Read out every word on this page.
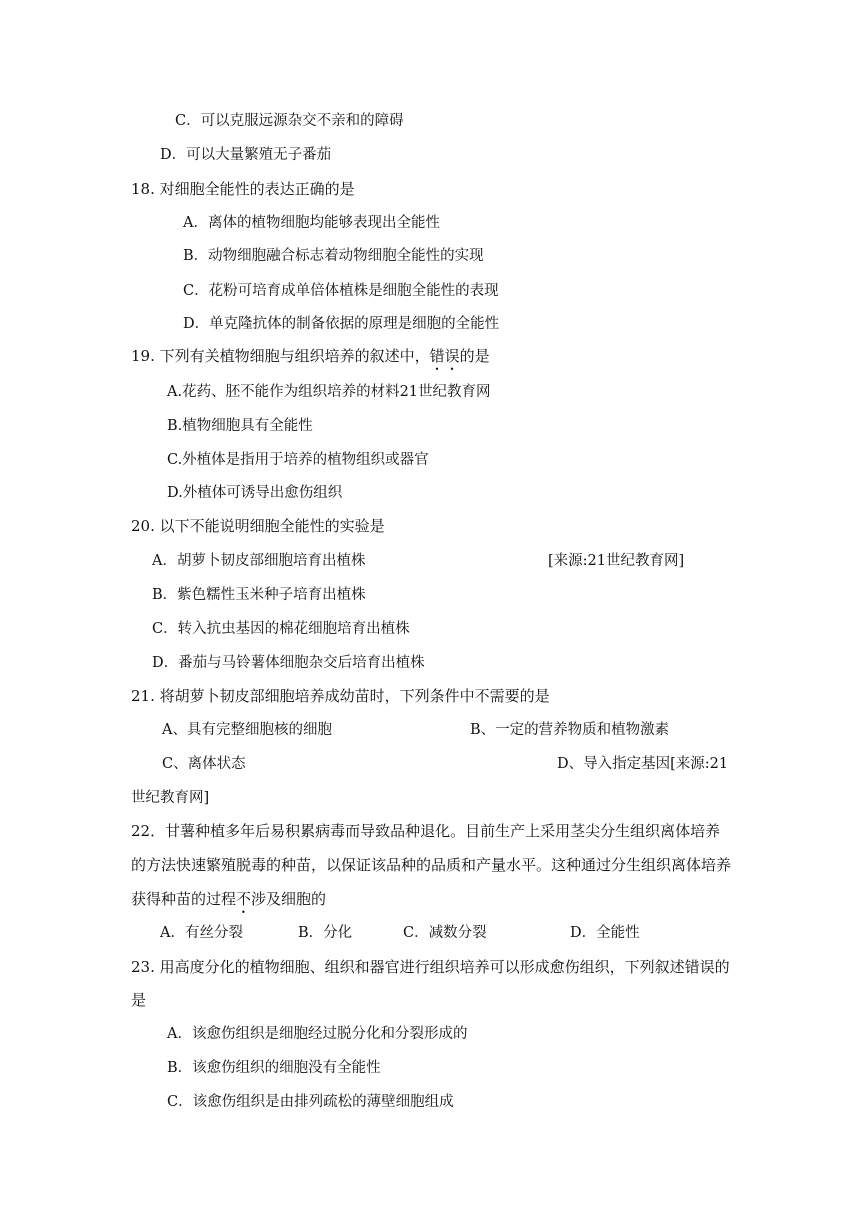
C．可以克服远源杂交不亲和的障碍
D．可以大量繁殖无子番茄
18. 对细胞全能性的表达正确的是
A．离体的植物细胞均能够表现出全能性
B．动物细胞融合标志着动物细胞全能性的实现
C．花粉可培育成单倍体植株是细胞全能性的表现
D．单克隆抗体的制备依据的原理是细胞的全能性
19. 下列有关植物细胞与组织培养的叙述中，错误的是
A.花药、胚不能作为组织培养的材料21世纪教育网
B.植物细胞具有全能性
C.外植体是指用于培养的植物组织或器官
D.外植体可诱导出愈伤组织
20. 以下不能说明细胞全能性的实验是
A．胡萝卜韧皮部细胞培育出植株	[来源:21世纪教育网]
B．紫色糯性玉米种子培育出植株
C．转入抗虫基因的棉花细胞培育出植株
D．番茄与马铃薯体细胞杂交后培育出植株
21. 将胡萝卜韧皮部细胞培养成幼苗时，下列条件中不需要的是
A、具有完整细胞核的细胞	B、一定的营养物质和植物激素
C、离体状态	D、导入指定基因[来源:21
世纪教育网]
22．甘薯种植多年后易积累病毒而导致品种退化。目前生产上采用茎尖分生组织离体培养
的方法快速繁殖脱毒的种苗，以保证该品种的品质和产量水平。这种通过分生组织离体培养
获得种苗的过程不涉及细胞的
A．有丝分裂	B．分化	C．减数分裂	D．全能性
23. 用高度分化的植物细胞、组织和器官进行组织培养可以形成愈伤组织，下列叙述错误的
是
A．该愈伤组织是细胞经过脱分化和分裂形成的
B．该愈伤组织的细胞没有全能性
C．该愈伤组织是由排列疏松的薄壁细胞组成
